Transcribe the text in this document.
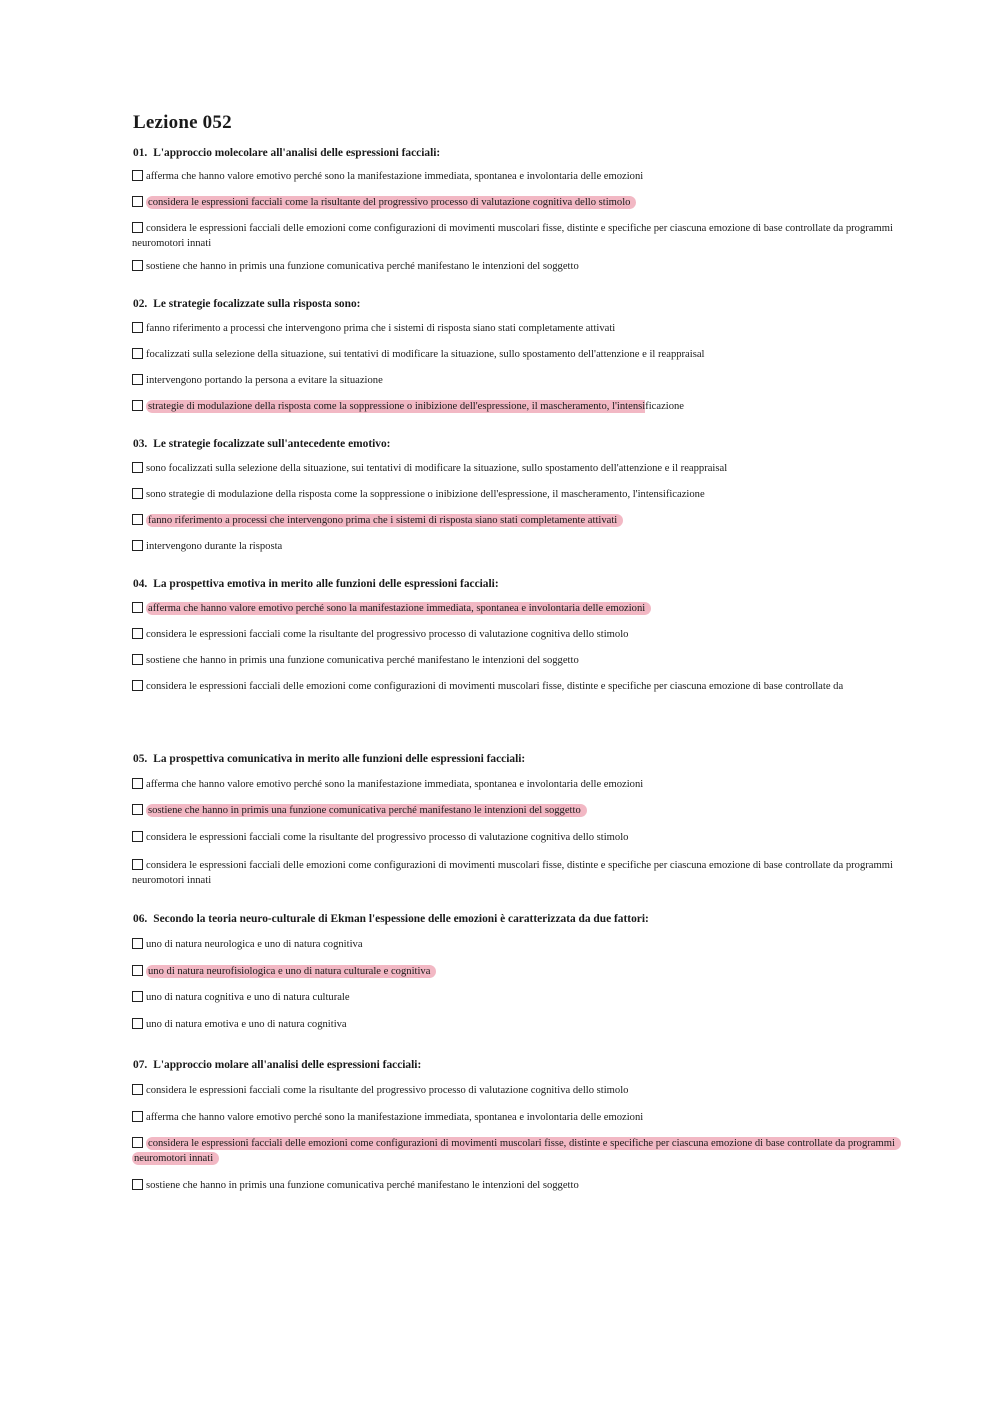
Lezione 052
01. L'approccio molecolare all'analisi delle espressioni facciali:
afferma che hanno valore emotivo perché sono la manifestazione immediata, spontanea e involontaria delle emozioni
considera le espressioni facciali come la risultante del progressivo processo di valutazione cognitiva dello stimolo
considera le espressioni facciali delle emozioni come configurazioni di movimenti muscolari fisse, distinte e specifiche per ciascuna emozione di base controllate da programmi neuromotori innati
sostiene che hanno in primis una funzione comunicativa perché manifestano le intenzioni del soggetto
02. Le strategie focalizzate sulla risposta sono:
fanno riferimento a processi che intervengono prima che i sistemi di risposta siano stati completamente attivati
focalizzati sulla selezione della situazione, sui tentativi di modificare la situazione, sullo spostamento dell'attenzione e il reappraisal
intervengono portando la persona a evitare la situazione
strategie di modulazione della risposta come la soppressione o inibizione dell'espressione, il mascheramento, l'intensificazione
03. Le strategie focalizzate sull'antecedente emotivo:
sono focalizzati sulla selezione della situazione, sui tentativi di modificare la situazione, sullo spostamento dell'attenzione e il reappraisal
sono strategie di modulazione della risposta come la soppressione o inibizione dell'espressione, il mascheramento, l'intensificazione
fanno riferimento a processi che intervengono prima che i sistemi di risposta siano stati completamente attivati
intervengono durante la risposta
04. La prospettiva emotiva in merito alle funzioni delle espressioni facciali:
afferma che hanno valore emotivo perché sono la manifestazione immediata, spontanea e involontaria delle emozioni
considera le espressioni facciali come la risultante del progressivo processo di valutazione cognitiva dello stimolo
sostiene che hanno in primis una funzione comunicativa perché manifestano le intenzioni del soggetto
considera le espressioni facciali delle emozioni come configurazioni di movimenti muscolari fisse, distinte e specifiche per ciascuna emozione di base controllate da
05. La prospettiva comunicativa in merito alle funzioni delle espressioni facciali:
afferma che hanno valore emotivo perché sono la manifestazione immediata, spontanea e involontaria delle emozioni
sostiene che hanno in primis una funzione comunicativa perché manifestano le intenzioni del soggetto
considera le espressioni facciali come la risultante del progressivo processo di valutazione cognitiva dello stimolo
considera le espressioni facciali delle emozioni come configurazioni di movimenti muscolari fisse, distinte e specifiche per ciascuna emozione di base controllate da programmi neuromotori innati
06. Secondo la teoria neuro-culturale di Ekman l'espessione delle emozioni è caratterizzata da due fattori:
uno di natura neurologica e uno di natura cognitiva
uno di natura neurofisiologica e uno di natura culturale e cognitiva
uno di natura cognitiva e uno di natura culturale
uno di natura emotiva e uno di natura cognitiva
07. L'approccio molare all'analisi delle espressioni facciali:
considera le espressioni facciali come la risultante del progressivo processo di valutazione cognitiva dello stimolo
afferma che hanno valore emotivo perché sono la manifestazione immediata, spontanea e involontaria delle emozioni
considera le espressioni facciali delle emozioni come configurazioni di movimenti muscolari fisse, distinte e specifiche per ciascuna emozione di base controllate da programmi neuromotori innati
sostiene che hanno in primis una funzione comunicativa perché manifestano le intenzioni del soggetto
